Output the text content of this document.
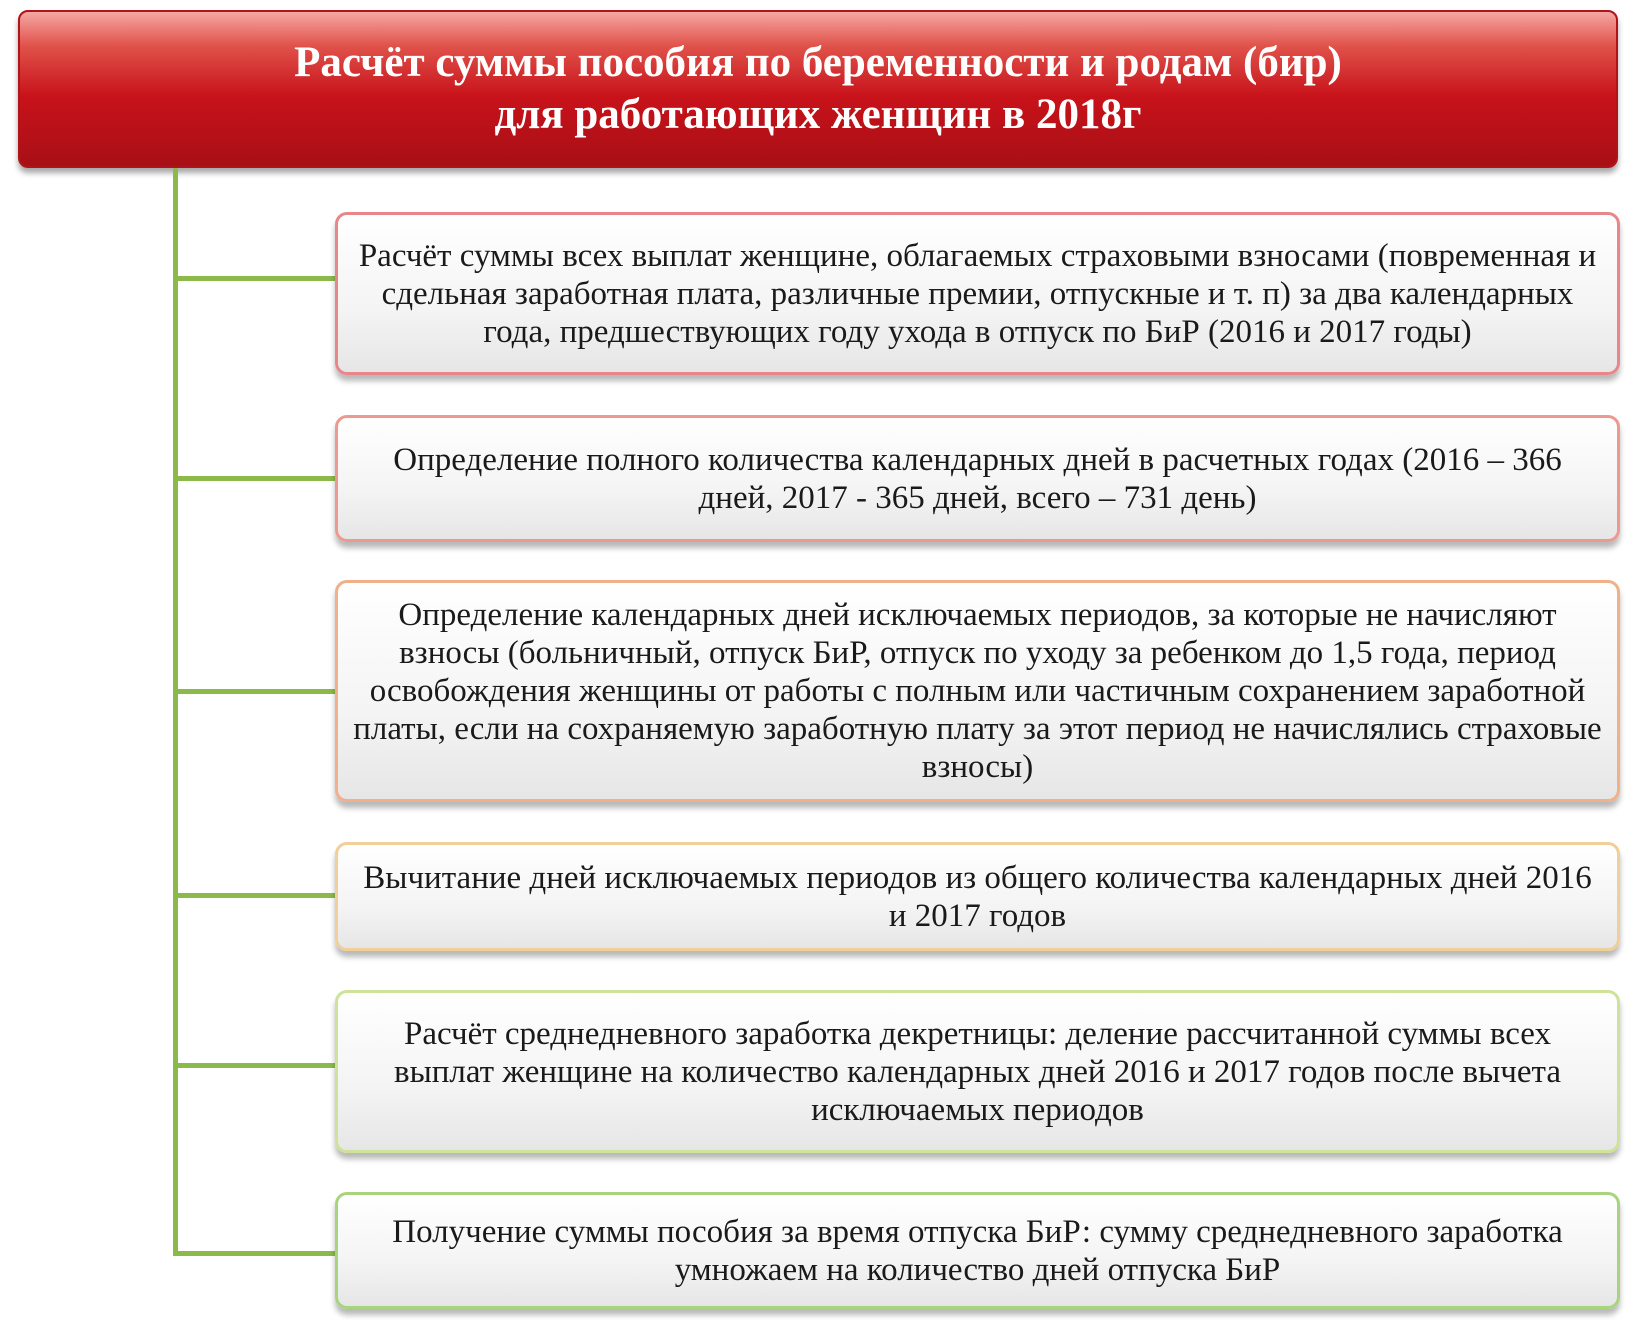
Расчёт суммы пособия по беременности и родам (бир)
для работающих женщин в 2018г
Расчёт суммы всех выплат женщине, облагаемых страховыми взносами (повременная и сдельная заработная плата, различные премии, отпускные и т. п) за два календарных года, предшествующих году ухода в отпуск по БиР (2016 и 2017 годы)
Определение полного количества календарных дней в расчетных годах (2016 – 366 дней, 2017 - 365 дней, всего – 731 день)
Определение календарных дней исключаемых периодов, за которые не начисляют взносы (больничный, отпуск БиР, отпуск по уходу за ребенком до 1,5 года, период освобождения женщины от работы с полным или частичным сохранением заработной платы, если на сохраняемую заработную плату за этот период не начислялись страховые взносы)
Вычитание дней исключаемых периодов из общего количества календарных дней 2016 и 2017 годов
Расчёт среднедневного заработка декретницы: деление рассчитанной суммы всех выплат женщине на количество календарных дней 2016 и 2017 годов после вычета исключаемых периодов
Получение суммы пособия за время отпуска БиР: сумму среднедневного заработка умножаем на количество дней отпуска БиР
